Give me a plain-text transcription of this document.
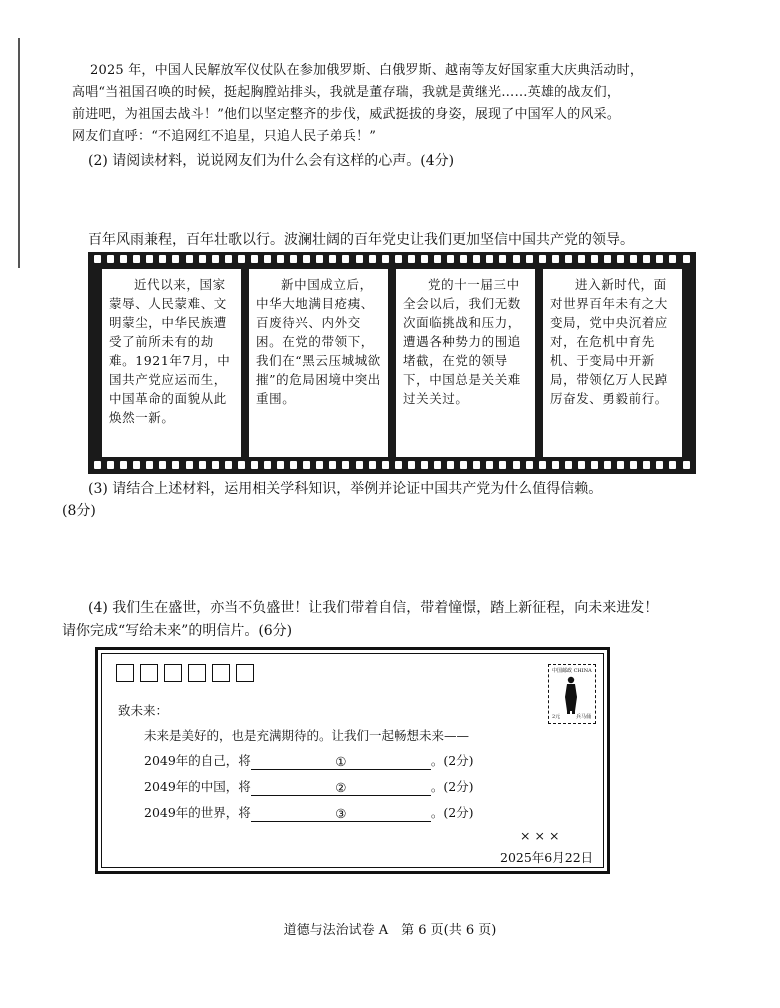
2025 年，中国人民解放军仪仗队在参加俄罗斯、白俄罗斯、越南等友好国家重大庆典活动时，
高唱“当祖国召唤的时候，挺起胸膛站排头，我就是董存瑞，我就是黄继光……英雄的战友们，
前进吧，为祖国去战斗！”他们以坚定整齐的步伐，威武挺拔的身姿，展现了中国军人的风采。
网友们直呼：“不追网红不追星，只追人民子弟兵！”
(2) 请阅读材料，说说网友们为什么会有这样的心声。(4分)
百年风雨兼程，百年壮歌以行。波澜壮阔的百年党史让我们更加坚信中国共产党的领导。
近代以来，国家蒙辱、人民蒙难、文明蒙尘，中华民族遭受了前所未有的劫难。1921年7月，中国共产党应运而生，中国革命的面貌从此焕然一新。
新中国成立后，中华大地满目疮痍、百废待兴、内外交困。在党的带领下，我们在“黑云压城城欲摧”的危局困境中突出重围。
党的十一届三中全会以后，我们无数次面临挑战和压力，遭遇各种势力的围追堵截，在党的领导下，中国总是关关难过关关过。
进入新时代，面对世界百年未有之大变局，党中央沉着应对，在危机中育先机、于变局中开新局，带领亿万人民踔厉奋发、勇毅前行。
(3) 请结合上述材料，运用相关学科知识，举例并论证中国共产党为什么值得信赖。
(8分)
(4) 我们生在盛世，亦当不负盛世！让我们带着自信，带着憧憬，踏上新征程，向未来进发！
请你完成“写给未来”的明信片。(6分)
中国邮政 CHINA
2元	兵马俑
致未来：
未来是美好的，也是充满期待的。让我们一起畅想未来——
2049年的自己，将	①	。(2分)
2049年的中国，将	②	。(2分)
2049年的世界，将	③	。(2分)
×××
2025年6月22日
道德与法治试卷 A　第 6 页(共 6 页)
